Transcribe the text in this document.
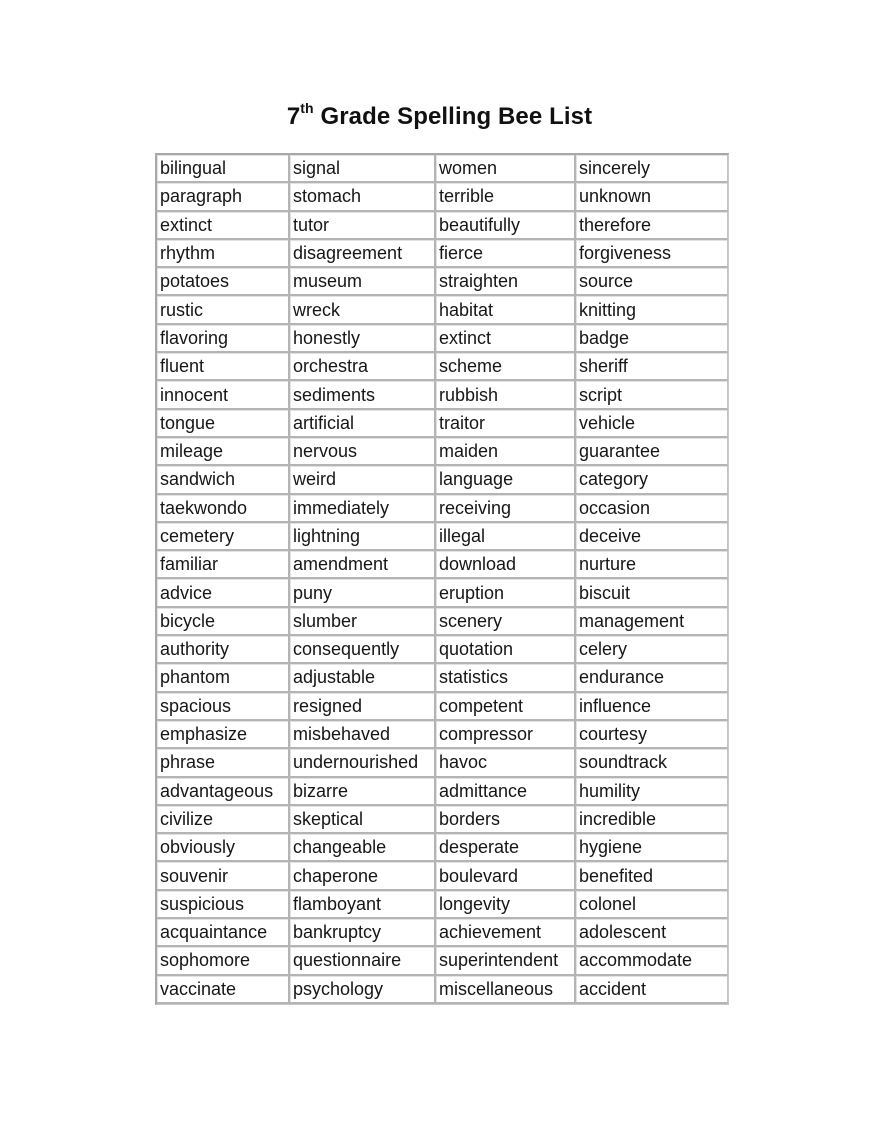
7th Grade Spelling Bee List
bilingual	signal	women	sincerely
paragraph	stomach	terrible	unknown
extinct	tutor	beautifully	therefore
rhythm	disagreement	fierce	forgiveness
potatoes	museum	straighten	source
rustic	wreck	habitat	knitting
flavoring	honestly	extinct	badge
fluent	orchestra	scheme	sheriff
innocent	sediments	rubbish	script
tongue	artificial	traitor	vehicle
mileage	nervous	maiden	guarantee
sandwich	weird	language	category
taekwondo	immediately	receiving	occasion
cemetery	lightning	illegal	deceive
familiar	amendment	download	nurture
advice	puny	eruption	biscuit
bicycle	slumber	scenery	management
authority	consequently	quotation	celery
phantom	adjustable	statistics	endurance
spacious	resigned	competent	influence
emphasize	misbehaved	compressor	courtesy
phrase	undernourished	havoc	soundtrack
advantageous	bizarre	admittance	humility
civilize	skeptical	borders	incredible
obviously	changeable	desperate	hygiene
souvenir	chaperone	boulevard	benefited
suspicious	flamboyant	longevity	colonel
acquaintance	bankruptcy	achievement	adolescent
sophomore	questionnaire	superintendent	accommodate
vaccinate	psychology	miscellaneous	accident
